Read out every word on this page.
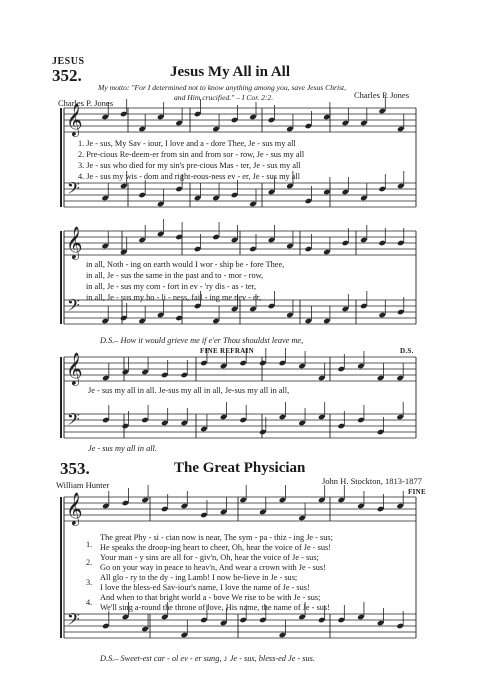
JESUS
352.	Jesus My All in All
My motto: "For I determined not to know anything among you, save Jesus Christ,
and Him crucified." – I Cor. 2:2.
Charles P. Jones
Charles P. Jones
𝄞
𝄢
𝄞
𝄢
𝄞
𝄢
𝄞
𝄢
1. Je - sus, My Sav - iour, I love and a - dore Thee, Je - sus my all
2. Pre-cious Re-deem-er from sin and from sor - row, Je - sus my all
3. Je - sus who died for my sin's pre-cious Mas - ter, Je - sus my all
4. Je - sus my wis - dom and right-eous-ness ev - er, Je - sus my all
in all, Noth - ing on earth would I wor - ship be - fore Thee,
in all, Je - sus the same in the past and to - mor - row,
in all, Je - sus my com - fort in ev - 'ry dis - as - ter,
in all, Je - sus my ho - li - ness, fail - ing me nev - er,
D.S.– How it would grieve me if e'er Thou shouldst leave me,
FINE REFRAIN	D.S.
Je - sus my all in all. Je-sus my all in all, Je-sus my all in all,
Je - sus my all in all.
353.	The Great Physician
William Hunter	John H. Stockton, 1813-1877
FINE
1.
2.
3.
4.
The great Phy - si - cian now is near, The sym - pa - thiz - ing Je - sus;
He speaks the droop-ing heart to cheer, Oh, hear the voice of Je - sus!
Your man - y sins are all for - giv'n, Oh, hear the voice of Je - sus;
Go on your way in peace to heav'n, And wear a crown with Je - sus!
All glo - ry to the dy - ing Lamb! I now be-lieve in Je - sus;
I love the bless-ed Sav-iour's name, I love the name of Je - sus!
And when to that bright world a - bove We rise to be with Je - sus;
We'll sing a-round the throne of love, His name, the name of Je - sus!
D.S.– Sweet-est car - ol ev - er sung, ♪ Je - sus, bless-ed Je - sus.
